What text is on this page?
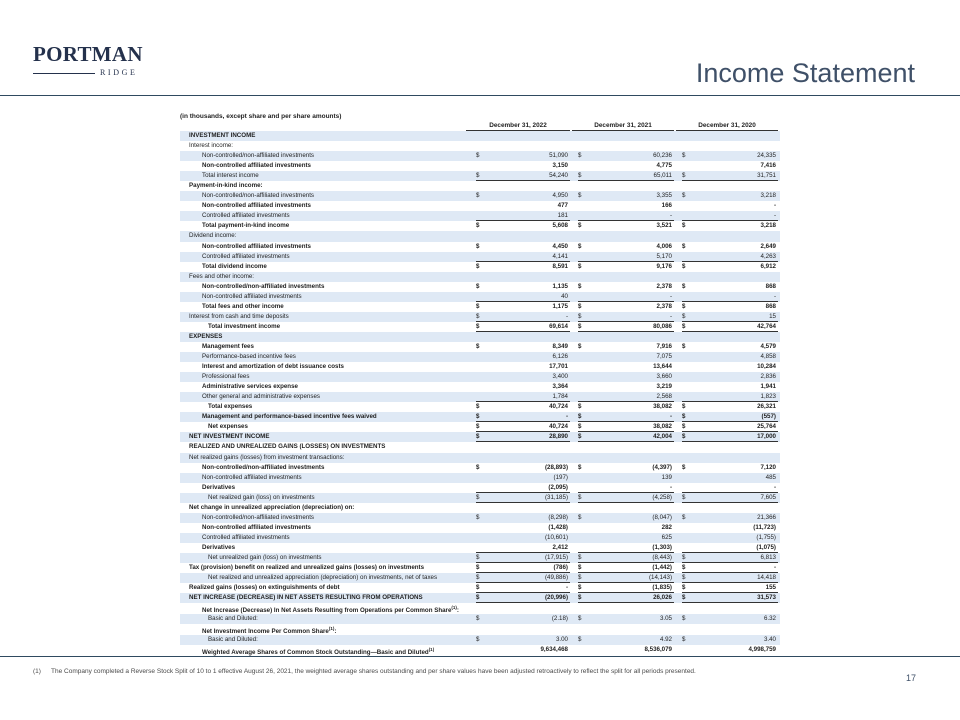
PORTMAN
RIDGE	Income Statement
(in thousands, except share and per share amounts)
December 31, 2022	December 31, 2021	December 31, 2020
INVESTMENT INCOME
Interest income:
Non-controlled/non-affiliated investments	$	51,090 $	60,236 $	24,335
Non-controlled affiliated investments	3,150	4,775	7,416
Total interest income	$	54,240 $	65,011 $	31,751
Payment-in-kind income:
Non-controlled/non-affiliated investments	$	4,950 $	3,355 $	3,218
Non-controlled affiliated investments	477	166	-
Controlled affiliated investments	181	-	-
Total payment-in-kind income	$	5,608 $	3,521 $	3,218
Dividend income:
Non-controlled affiliated investments	$	4,450 $	4,006 $	2,649
Controlled affiliated investments	4,141	5,170	4,263
Total dividend income	$	8,591 $	9,176 $	6,912
Fees and other income:
Non-controlled/non-affiliated investments	$	1,135 $	2,378 $	868
Non-controlled affiliated investments	40	-	-
Total fees and other income	$	1,175 $	2,378 $	868
Interest from cash and time deposits	$	- $	- $	15
Total investment income	$	69,614 $	80,086 $	42,764
EXPENSES
Management fees	$	8,349 $	7,916 $	4,579
Performance-based incentive fees	6,126	7,075	4,858
Interest and amortization of debt issuance costs	17,701	13,644	10,284
Professional fees	3,400	3,660	2,836
Administrative services expense	3,364	3,219	1,941
Other general and administrative expenses	1,784	2,568	1,823
Total expenses	$	40,724 $	38,082 $	26,321
Management and performance-based incentive fees waived	$	- $	- $	(557)
Net expenses	$	40,724 $	38,082 $	25,764
NET INVESTMENT INCOME	$	28,890 $	42,004 $	17,000
REALIZED AND UNREALIZED GAINS (LOSSES) ON INVESTMENTS
Net realized gains (losses) from investment transactions:
Non-controlled/non-affiliated investments	$	(28,893) $	(4,397) $	7,120
Non-controlled affiliated investments	(197)	139	485
Derivatives	(2,095)	-	-
Net realized gain (loss) on investments	$	(31,185) $	(4,258) $	7,605
Net change in unrealized appreciation (depreciation) on:
Non-controlled/non-affiliated investments	$	(8,298) $	(8,047) $	21,366
Non-controlled affiliated investments	(1,428)	282	(11,723)
Controlled affiliated investments	(10,601)	625	(1,755)
Derivatives	2,412	(1,303)	(1,075)
Net unrealized gain (loss) on investments	$	(17,915) $	(8,443) $	6,813
Tax (provision) benefit on realized and unrealized gains (losses) on investments	$	(786) $	(1,442) $	-
Net realized and unrealized appreciation (depreciation) on investments, net of taxes	$	(49,886) $	(14,143) $	14,418
Realized gains (losses) on extinguishments of debt	$	- $	(1,835) $	155
NET INCREASE (DECREASE) IN NET ASSETS RESULTING FROM OPERATIONS	$	(20,996) $	26,026 $	31,573
Net Increase (Decrease) In Net Assets Resulting from Operations per Common Share$^{(1)}$:
Basic and Diluted:	$	(2.18) $	3.05 $	6.32
Net Investment Income Per Common Share$^{(1)}$:
Basic and Diluted:	$	3.00 $	4.92 $	3.40
Weighted Average Shares of Common Stock Outstanding—Basic and Diluted$^{(1)}$	9,634,468	8,536,079	4,998,759
(1) The Company completed a Reverse Stock Split of 10 to 1 effective August 26, 2021, the weighted average shares outstanding and per share values have been adjusted retroactively to reflect the split for all periods presented.
17
